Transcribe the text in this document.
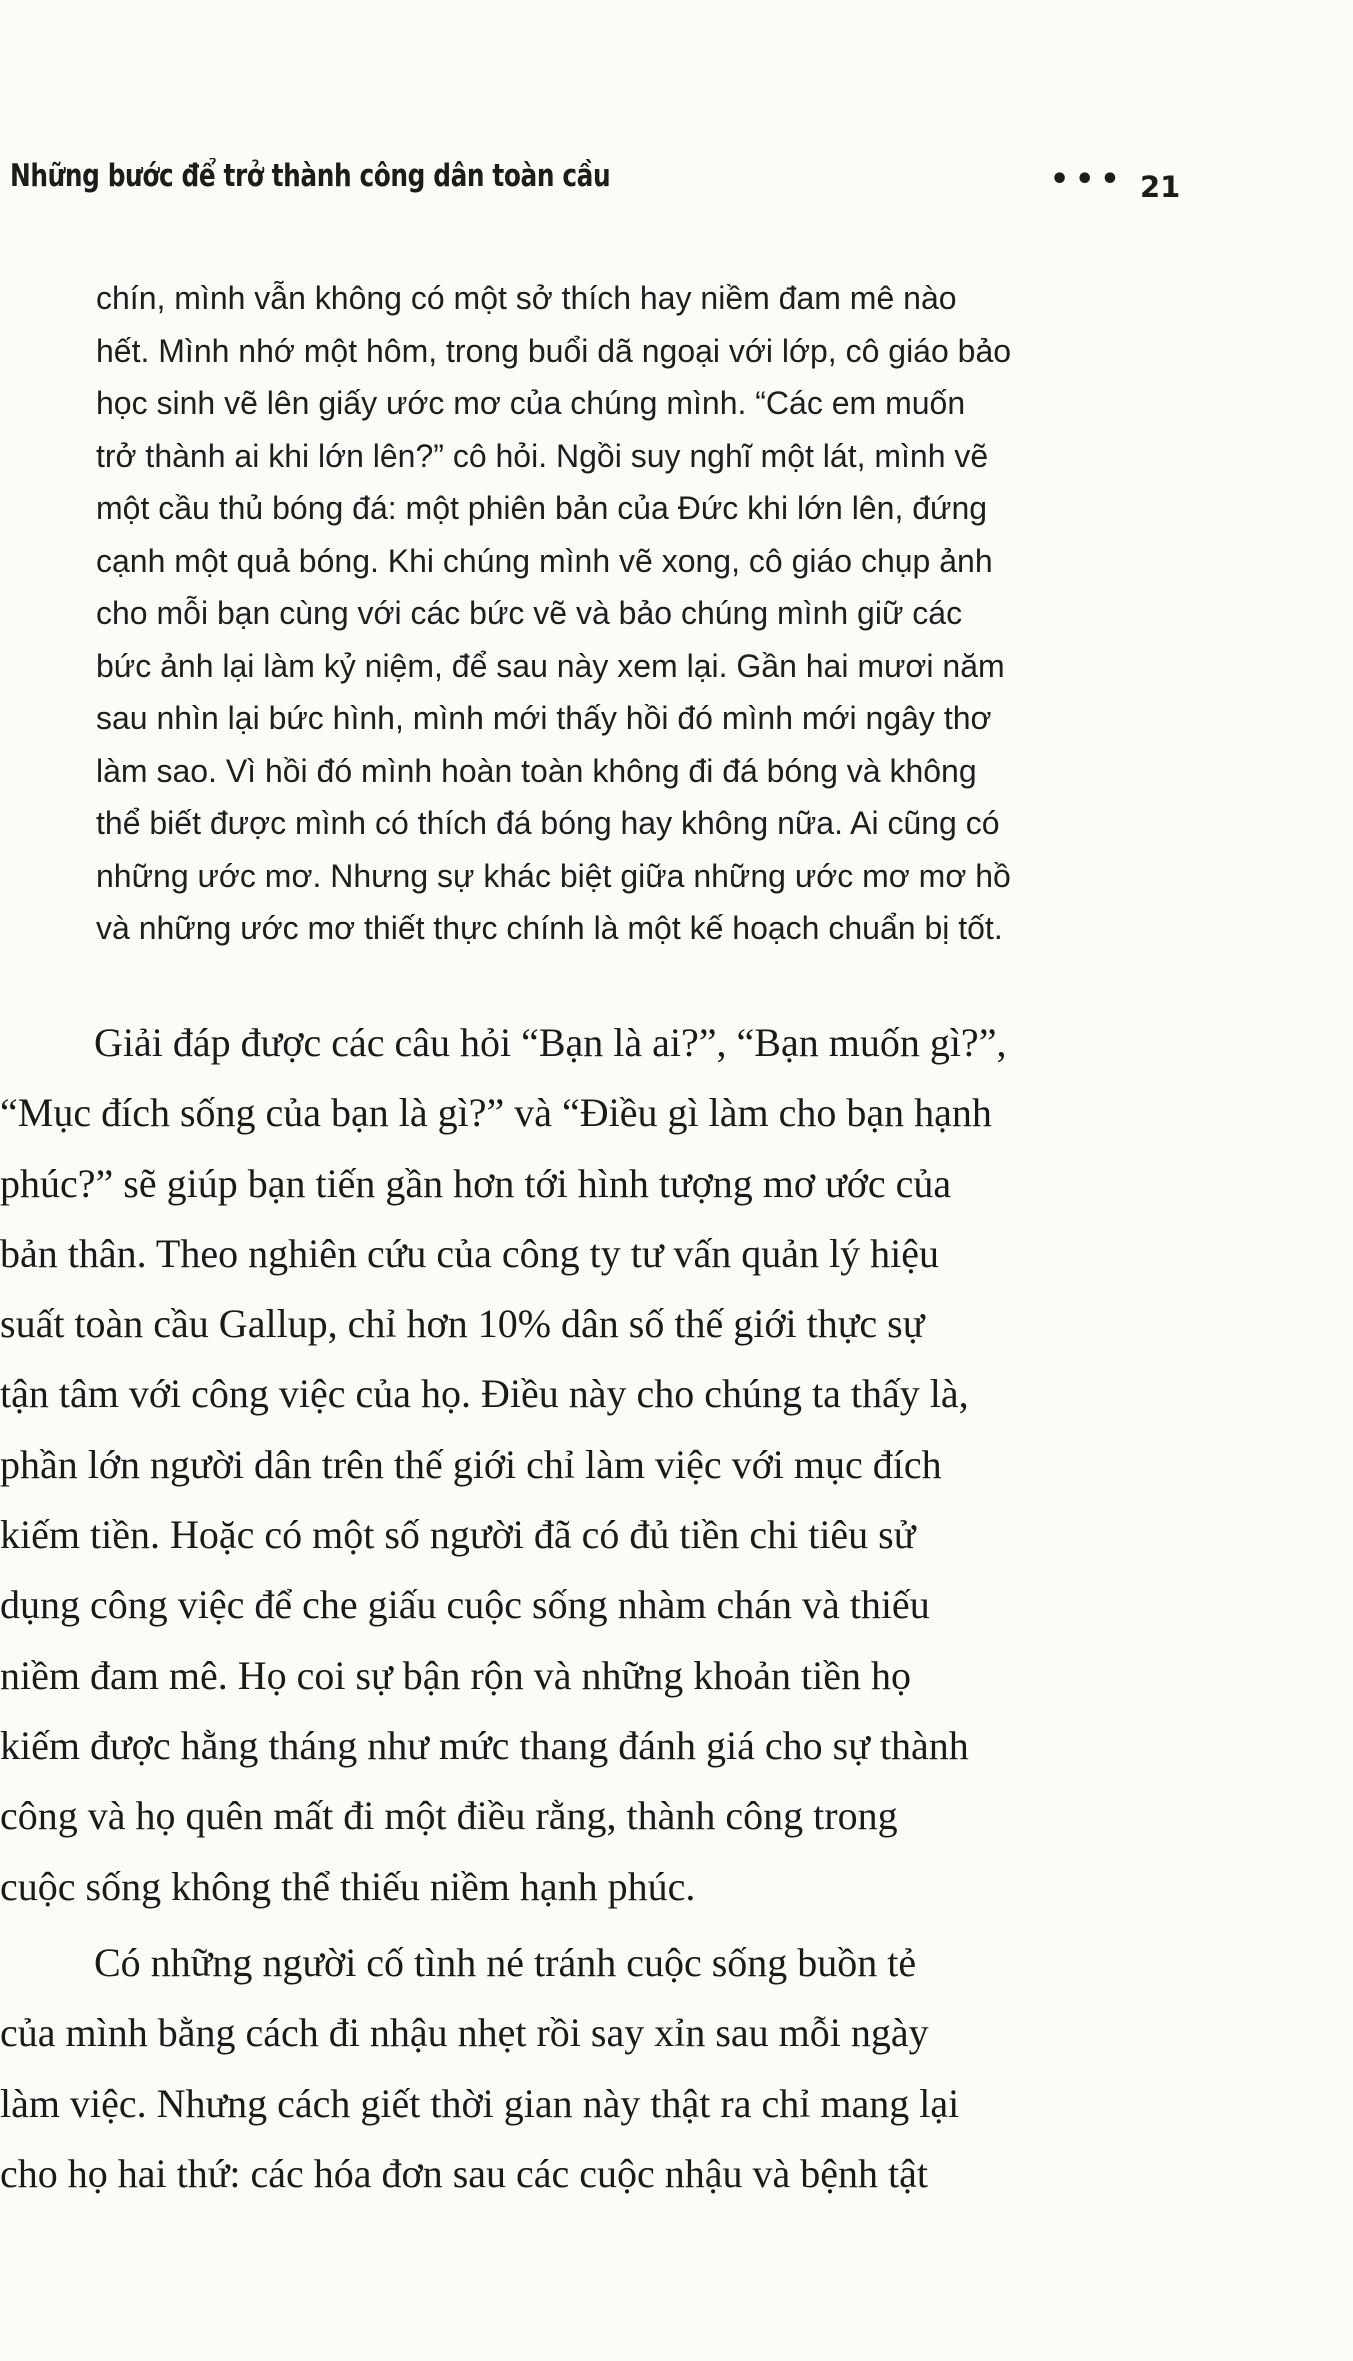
Những bước để trở thành công dân toàn cầu	••• 21
chín, mình vẫn không có một sở thích hay niềm đam mê nào
hết. Mình nhớ một hôm, trong buổi dã ngoại với lớp, cô giáo bảo
học sinh vẽ lên giấy ước mơ của chúng mình. “Các em muốn
trở thành ai khi lớn lên?” cô hỏi. Ngồi suy nghĩ một lát, mình vẽ
một cầu thủ bóng đá: một phiên bản của Đức khi lớn lên, đứng
cạnh một quả bóng. Khi chúng mình vẽ xong, cô giáo chụp ảnh
cho mỗi bạn cùng với các bức vẽ và bảo chúng mình giữ các
bức ảnh lại làm kỷ niệm, để sau này xem lại. Gần hai mươi năm
sau nhìn lại bức hình, mình mới thấy hồi đó mình mới ngây thơ
làm sao. Vì hồi đó mình hoàn toàn không đi đá bóng và không
thể biết được mình có thích đá bóng hay không nữa. Ai cũng có
những ước mơ. Nhưng sự khác biệt giữa những ước mơ mơ hồ
và những ước mơ thiết thực chính là một kế hoạch chuẩn bị tốt.
Giải đáp được các câu hỏi “Bạn là ai?”, “Bạn muốn gì?”,
“Mục đích sống của bạn là gì?” và “Điều gì làm cho bạn hạnh
phúc?” sẽ giúp bạn tiến gần hơn tới hình tượng mơ ước của
bản thân. Theo nghiên cứu của công ty tư vấn quản lý hiệu
suất toàn cầu Gallup, chỉ hơn 10% dân số thế giới thực sự
tận tâm với công việc của họ. Điều này cho chúng ta thấy là,
phần lớn người dân trên thế giới chỉ làm việc với mục đích
kiếm tiền. Hoặc có một số người đã có đủ tiền chi tiêu sử
dụng công việc để che giấu cuộc sống nhàm chán và thiếu
niềm đam mê. Họ coi sự bận rộn và những khoản tiền họ
kiếm được hằng tháng như mức thang đánh giá cho sự thành
công và họ quên mất đi một điều rằng, thành công trong
cuộc sống không thể thiếu niềm hạnh phúc.
Có những người cố tình né tránh cuộc sống buồn tẻ
của mình bằng cách đi nhậu nhẹt rồi say xỉn sau mỗi ngày
làm việc. Nhưng cách giết thời gian này thật ra chỉ mang lại
cho họ hai thứ: các hóa đơn sau các cuộc nhậu và bệnh tật
